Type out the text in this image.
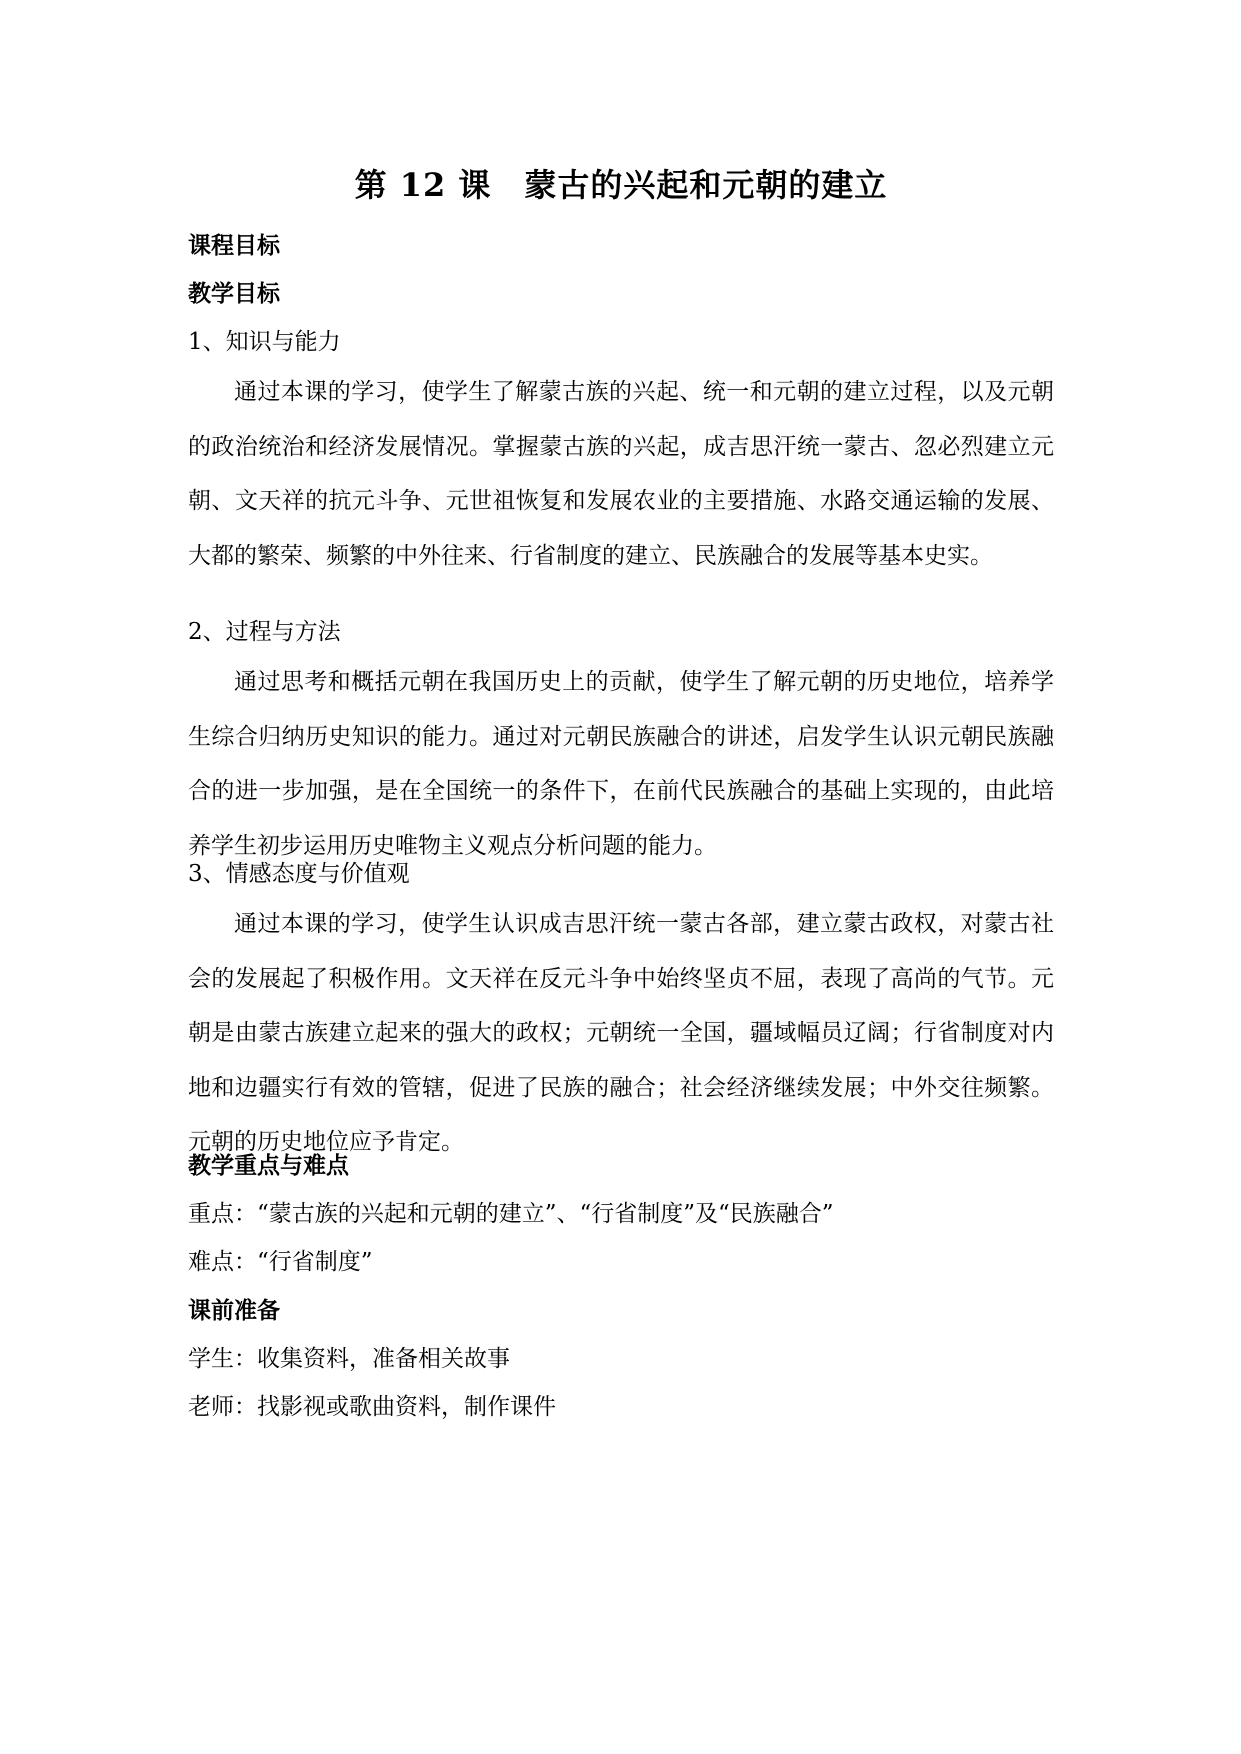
第 12 课　蒙古的兴起和元朝的建立
课程目标
教学目标
1、知识与能力
通过本课的学习，使学生了解蒙古族的兴起、统一和元朝的建立过程，以及元朝的政治统治和经济发展情况。掌握蒙古族的兴起，成吉思汗统一蒙古、忽必烈建立元朝、文天祥的抗元斗争、元世祖恢复和发展农业的主要措施、水路交通运输的发展、大都的繁荣、频繁的中外往来、行省制度的建立、民族融合的发展等基本史实。
2、过程与方法
通过思考和概括元朝在我国历史上的贡献，使学生了解元朝的历史地位，培养学生综合归纳历史知识的能力。通过对元朝民族融合的讲述，启发学生认识元朝民族融合的进一步加强，是在全国统一的条件下，在前代民族融合的基础上实现的，由此培养学生初步运用历史唯物主义观点分析问题的能力。
3、情感态度与价值观
通过本课的学习，使学生认识成吉思汗统一蒙古各部，建立蒙古政权，对蒙古社会的发展起了积极作用。文天祥在反元斗争中始终坚贞不屈，表现了高尚的气节。元朝是由蒙古族建立起来的强大的政权；元朝统一全国，疆域幅员辽阔；行省制度对内地和边疆实行有效的管辖，促进了民族的融合；社会经济继续发展；中外交往频繁。元朝的历史地位应予肯定。
教学重点与难点
重点：“蒙古族的兴起和元朝的建立”、“行省制度”及“民族融合”
难点：“行省制度”
课前准备
学生：收集资料，准备相关故事
老师：找影视或歌曲资料，制作课件
